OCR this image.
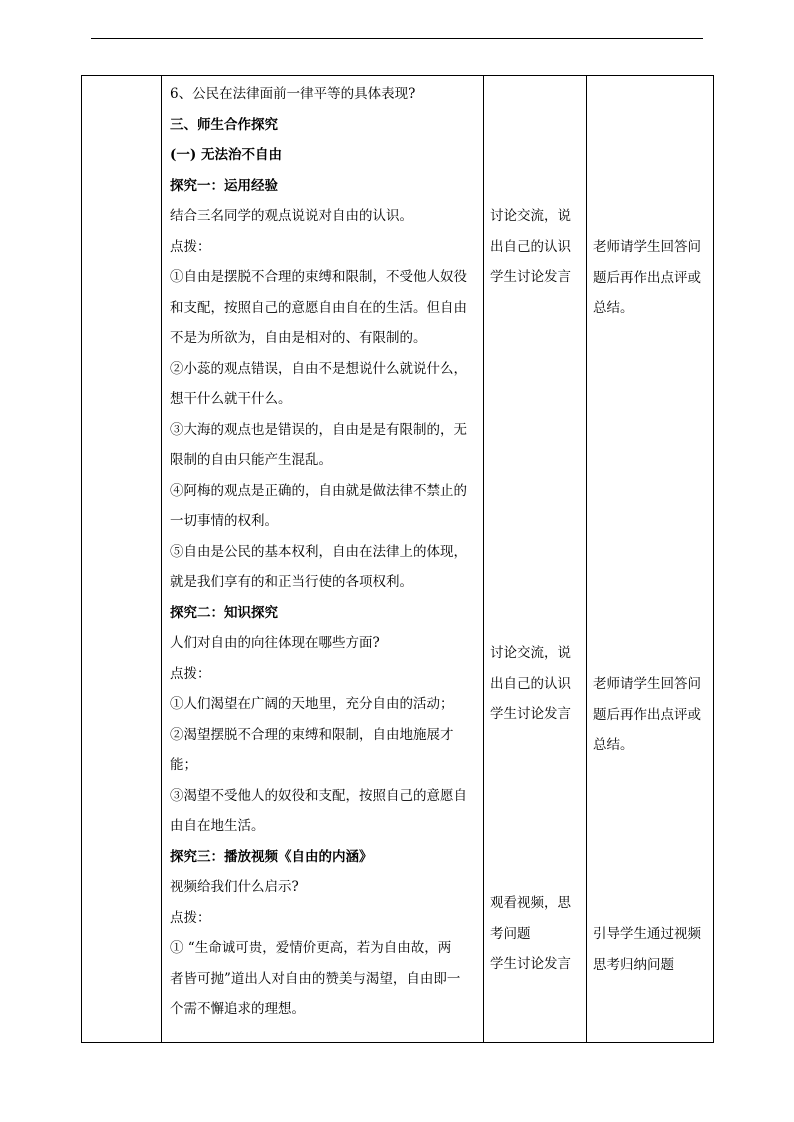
6、公民在法律面前一律平等的具体表现?

三、师生合作探究

(一) 无法治不自由

探究一：运用经验

结合三名同学的观点说说对自由的认识。

点拨：

①自由是摆脱不合理的束缚和限制，不受他人奴役

和支配，按照自己的意愿自由自在的生活。但自由

不是为所欲为，自由是相对的、有限制的。

②小蕊的观点错误，自由不是想说什么就说什么，

想干什么就干什么。

③大海的观点也是错误的，自由是是有限制的，无

限制的自由只能产生混乱。

④阿梅的观点是正确的，自由就是做法律不禁止的

一切事情的权利。

⑤自由是公民的基本权利，自由在法律上的体现，

就是我们享有的和正当行使的各项权利。

探究二：知识探究

人们对自由的向往体现在哪些方面?

点拨：

①人们渴望在广阔的天地里，充分自由的活动；

②渴望摆脱不合理的束缚和限制，自由地施展才

能；

③渴望不受他人的奴役和支配，按照自己的意愿自

由自在地生活。

探究三：播放视频《自由的内涵》

视频给我们什么启示?

点拨：

① “生命诚可贵，爱情价更高，若为自由故，两

者皆可抛”道出人对自由的赞美与渴望，自由即一

个需不懈追求的理想。

讨论交流，说

出自己的认识

学生讨论发言

老师请学生回答问

题后再作出点评或

总结。

讨论交流，说

出自己的认识

学生讨论发言

老师请学生回答问

题后再作出点评或

总结。

观看视频，思

考问题

学生讨论发言

引导学生通过视频

思考归纳问题
